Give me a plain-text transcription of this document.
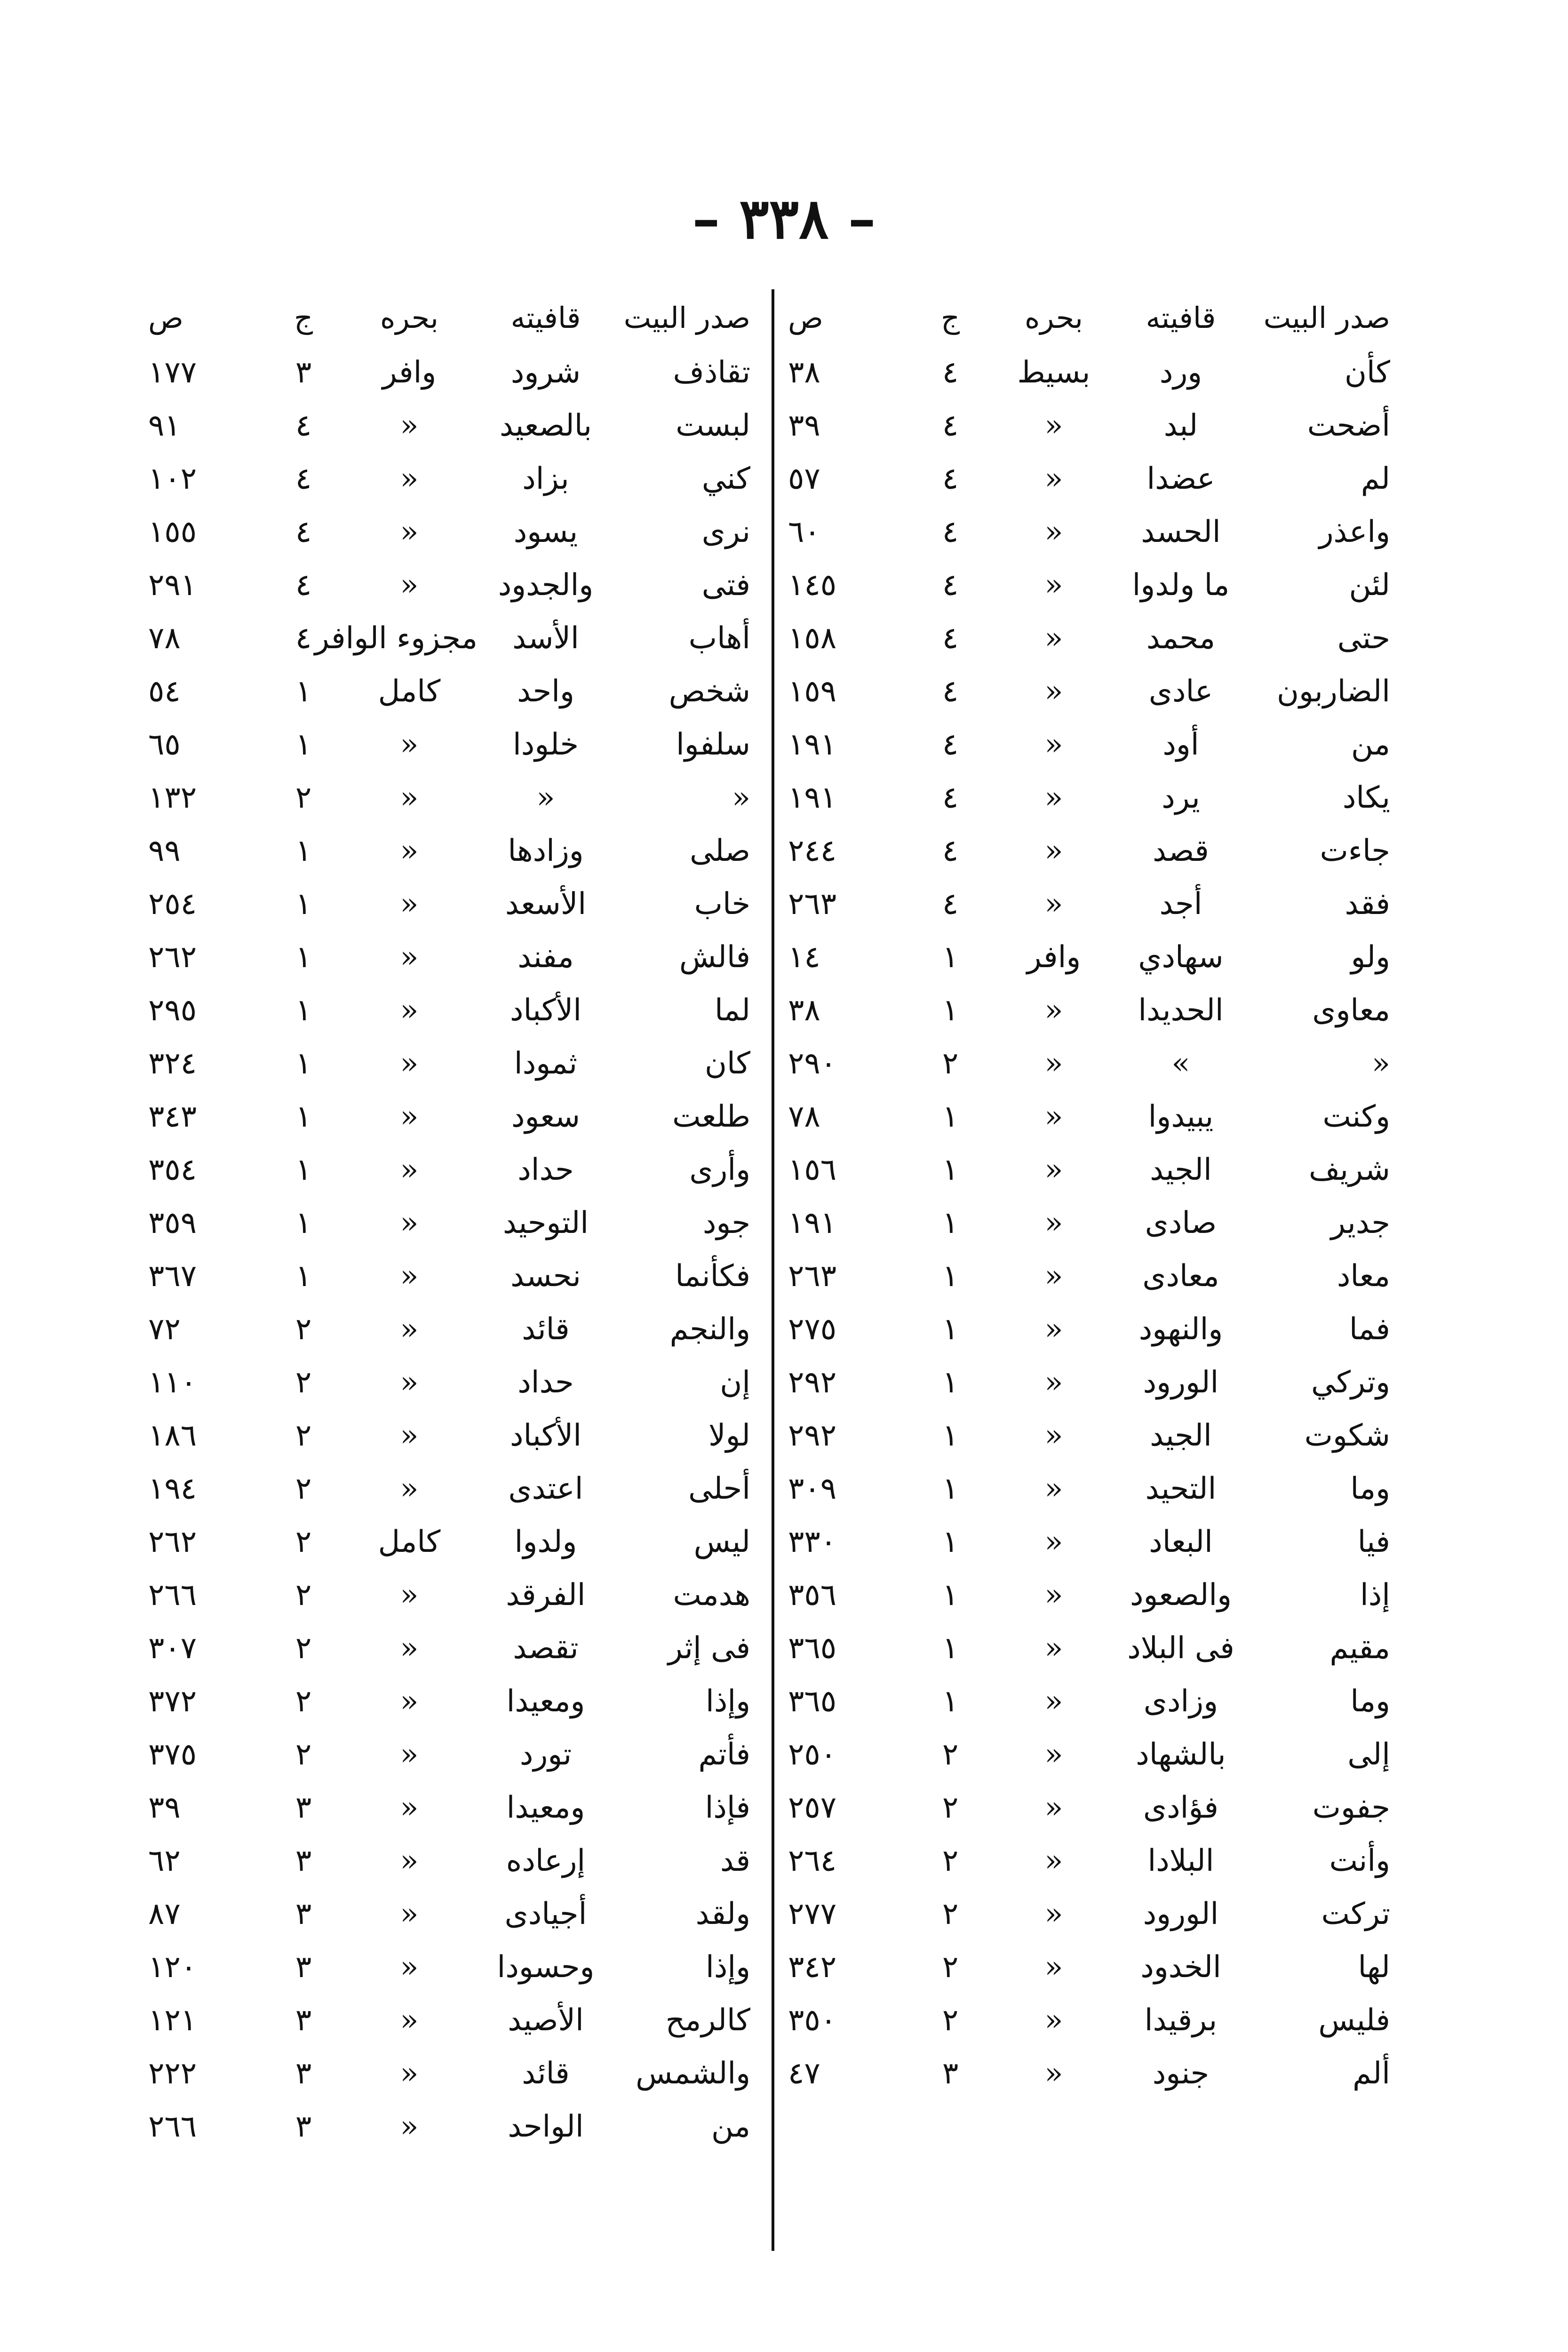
– ٣٣٨ –
صدر البيت
قافيته
بحره
ج
ص
كأن
ورد
بسيط
٤
٣٨
أضحت
لبد
«
٤
٣٩
لم
عضدا
«
٤
٥٧
واعذر
الحسد
«
٤
٦٠
لئن
ما ولدوا
«
٤
١٤٥
حتى
محمد
«
٤
١٥٨
الضاربون
عادى
«
٤
١٥٩
من
أود
«
٤
١٩١
يكاد
يرد
«
٤
١٩١
جاءت
قصد
«
٤
٢٤٤
فقد
أجد
«
٤
٢٦٣
ولو
سهادي
وافر
١
١٤
معاوى
الحديدا
«
١
٣٨
«
»
«
٢
٢٩٠
وكنت
يبيدوا
«
١
٧٨
شريف
الجيد
«
١
١٥٦
جدير
صادى
«
١
١٩١
معاد
معادى
«
١
٢٦٣
فما
والنهود
«
١
٢٧٥
وتركي
الورود
«
١
٢٩٢
شكوت
الجيد
«
١
٢٩٢
وما
التحيد
«
١
٣٠٩
فيا
البعاد
«
١
٣٣٠
إذا
والصعود
«
١
٣٥٦
مقيم
فى البلاد
«
١
٣٦٥
وما
وزادى
«
١
٣٦٥
إلى
بالشهاد
«
٢
٢٥٠
جفوت
فؤادى
«
٢
٢٥٧
وأنت
البلادا
«
٢
٢٦٤
تركت
الورود
«
٢
٢٧٧
لها
الخدود
«
٢
٣٤٢
فليس
برقيدا
«
٢
٣٥٠
ألم
جنود
«
٣
٤٧
صدر البيت
قافيته
بحره
ج
ص
تقاذف
شرود
وافر
٣
١٧٧
لبست
بالصعيد
«
٤
٩١
كني
بزاد
«
٤
١٠٢
نرى
يسود
«
٤
١٥٥
فتى
والجدود
«
٤
٢٩١
أهاب
الأسد
مجزوء الوافر
٤
٧٨
شخص
واحد
كامل
١
٥٤
سلفوا
خلودا
«
١
٦٥
«
«
«
٢
١٣٢
صلى
وزادها
«
١
٩٩
خاب
الأسعد
«
١
٢٥٤
فالش
مفند
«
١
٢٦٢
لما
الأكباد
«
١
٢٩٥
كان
ثمودا
«
١
٣٢٤
طلعت
سعود
«
١
٣٤٣
وأرى
حداد
«
١
٣٥٤
جود
التوحيد
«
١
٣٥٩
فكأنما
نحسد
«
١
٣٦٧
والنجم
قائد
«
٢
٧٢
إن
حداد
«
٢
١١٠
لولا
الأكباد
«
٢
١٨٦
أحلى
اعتدى
«
٢
١٩٤
ليس
ولدوا
كامل
٢
٢٦٢
هدمت
الفرقد
«
٢
٢٦٦
فى إثر
تقصد
«
٢
٣٠٧
وإذا
ومعيدا
«
٢
٣٧٢
فأتم
تورد
«
٢
٣٧٥
فإذا
ومعيدا
«
٣
٣٩
قد
إرعاده
«
٣
٦٢
ولقد
أجيادى
«
٣
٨٧
وإذا
وحسودا
«
٣
١٢٠
كالرمح
الأصيد
«
٣
١٢١
والشمس
قائد
«
٣
٢٢٢
من
الواحد
«
٣
٢٦٦
